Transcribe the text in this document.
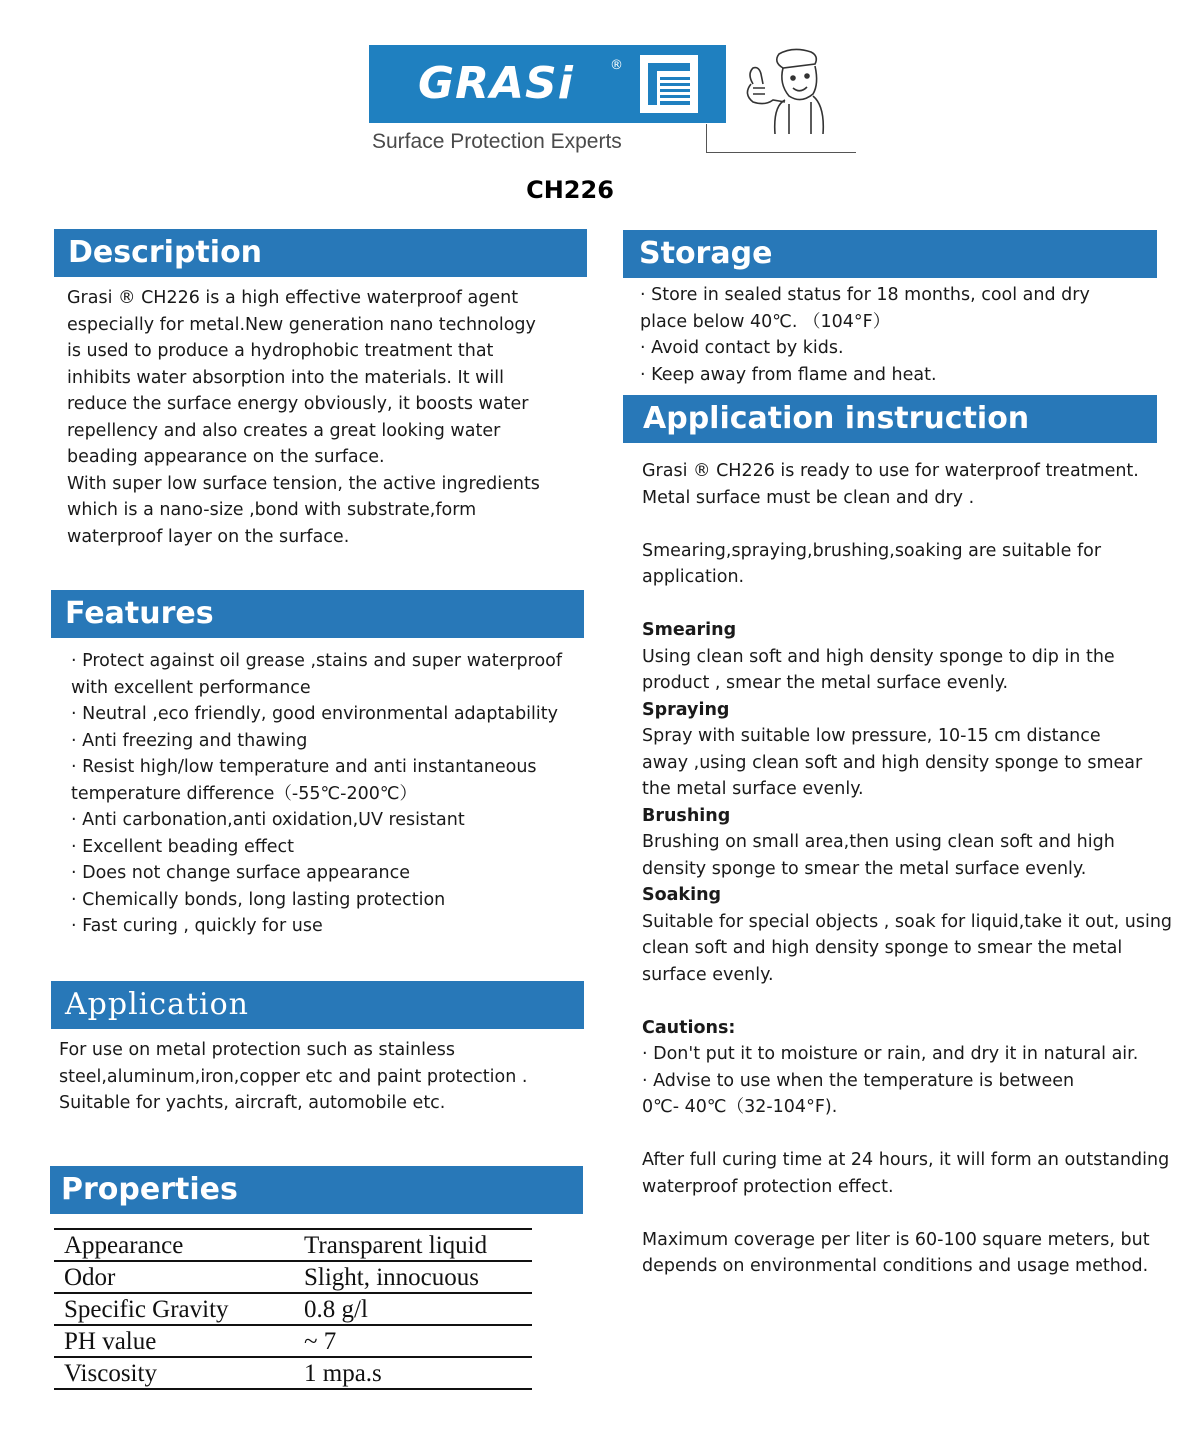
GRASi	®
Surface Protection Experts
CH226
Description

Grasi ® CH226 is a high effective waterproof agent

especially for metal.New generation nano technology

is used to produce a hydrophobic treatment that

inhibits water absorption into the materials. It will

reduce the surface energy obviously, it boosts water

repellency and also creates a great looking water

beading appearance on the surface.

With super low surface tension, the active ingredients

which is a nano-size ,bond with substrate,form

waterproof layer on the surface.

Features

· Protect against oil grease ,stains and super waterproof

with excellent performance

· Neutral ,eco friendly, good environmental adaptability

· Anti freezing and thawing

· Resist high/low temperature and anti instantaneous

temperature difference（-55℃-200℃）

· Anti carbonation,anti oxidation,UV resistant

· Excellent beading effect

· Does not change surface appearance

· Chemically bonds, long lasting protection

· Fast curing , quickly for use

Application

For use on metal protection such as stainless

steel,aluminum,iron,copper etc and paint protection .

Suitable for yachts, aircraft, automobile etc.

Properties
Appearance	Transparent liquid
Odor	Slight, innocuous
Specific Gravity	0.8 g/l
PH value	~ 7
Viscosity	1 mpa.s
Storage

· Store in sealed status for 18 months, cool and dry

place below 40℃. （104°F）

· Avoid contact by kids.

· Keep away from flame and heat.

Application instruction

Grasi ® CH226 is ready to use for waterproof treatment.

Metal surface must be clean and dry .

Smearing,spraying,brushing,soaking are suitable for

application.

Smearing

Using clean soft and high density sponge to dip in the

product , smear the metal surface evenly.

Spraying

Spray with suitable low pressure, 10-15 cm distance

away ,using clean soft and high density sponge to smear

the metal surface evenly.

Brushing

Brushing on small area,then using clean soft and high

density sponge to smear the metal surface evenly.

Soaking

Suitable for special objects , soak for liquid,take it out, using

clean soft and high density sponge to smear the metal

surface evenly.

Cautions:

· Don't put it to moisture or rain, and dry it in natural air.

· Advise to use when the temperature is between

0℃- 40℃（32-104°F).

After full curing time at 24 hours, it will form an outstanding

waterproof protection effect.

Maximum coverage per liter is 60-100 square meters, but

depends on environmental conditions and usage method.
